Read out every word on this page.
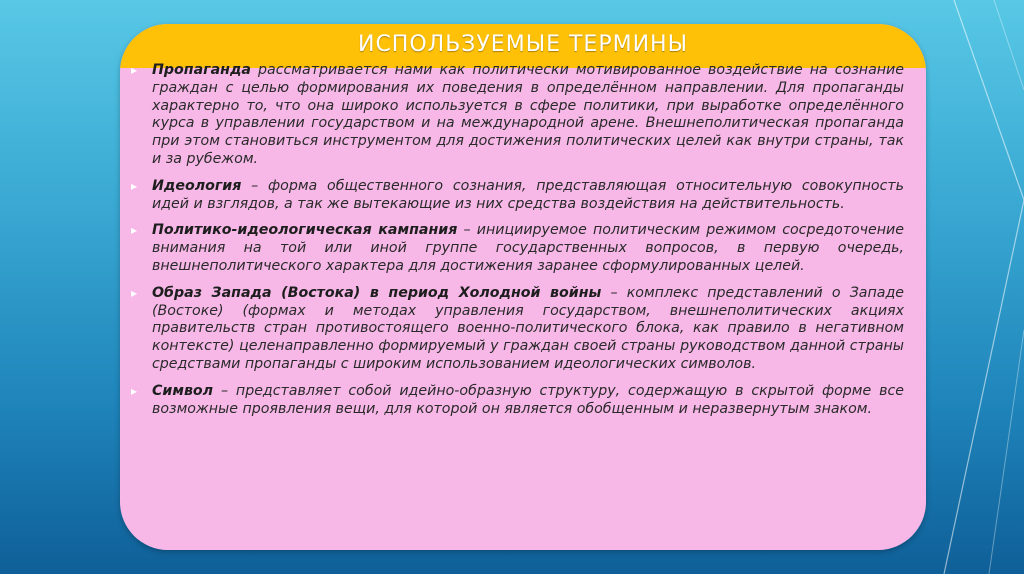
ИСПОЛЬЗУЕМЫЕ ТЕРМИНЫ
▸ Пропаганда рассматривается нами как политически мотивированное воздействие на сознание граждан с целью формирования их поведения в определённом направлении. Для пропаганды характерно то, что она широко используется в сфере политики, при выработке определённого курса в управлении государством и на международной арене. Внешнеполитическая пропаганда при этом становиться инструментом для достижения политических целей как внутри страны, так и за рубежом.
▸ Идеология – форма общественного сознания, представляющая относительную совокупность идей и взглядов, а так же вытекающие из них средства воздействия на действительность.
▸ Политико-идеологическая кампания – инициируемое политическим режимом сосредоточение внимания на той или иной группе государственных вопросов, в первую очередь, внешнеполитического характера для достижения заранее сформулированных целей.
▸ Образ Запада (Востока) в период Холодной войны – комплекс представлений о Западе (Востоке) (формах и методах управления государством, внешнеполитических акциях правительств стран противостоящего военно-политического блока, как правило в негативном контексте) целенаправленно формируемый у граждан своей страны руководством данной страны средствами пропаганды с широким использованием идеологических символов.
▸ Символ – представляет собой идейно-образную структуру, содержащую в скрытой форме все возможные проявления вещи, для которой он является обобщенным и неразвернутым знаком.
